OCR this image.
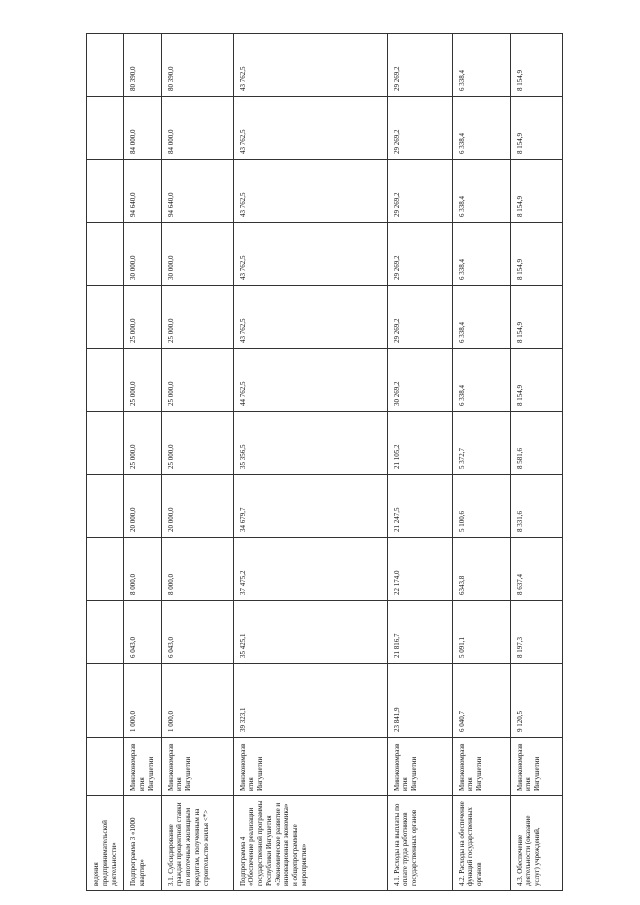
ведения предпринимательской деятельности»												
Подпрограмма 3 «1000 квартир»	Минэкономразв ития Ингушетии	1 000,0	6 043,0	8 000,0	20 000,0	25 000,0	25 000,0	25 000,0	30 000,0	94 640,0	84 000,0	80 390,0
3.1. Субсидирование граждан процентной ставки по ипотечным жилищным кредитам, полученным на строительство жилья <*>	Минэкономразв ития Ингушетии	1 000,0	6 043,0	8 000,0	20 000,0	25 000,0	25 000,0	25 000,0	30 000,0	94 640,0	84 000,0	80 390,0
Подпрограмма 4 «Обеспечение реализации государственной программы Республики Ингушетия «Экономическое развитие и инновационная экономика» и общепрограммные мероприятия»	Минэкономразв ития Ингушетии	39 323,1	35 425,1	37 475,2	34 679,7	35 356,5	44 762,5	43 762,5	43 762,5	43 762,5	43 762,5	43 762,5
4.1. Расходы на выплаты по оплате труда работников государственных органов	Минэкономразв ития Ингушетии	23 841,9	21 816,7	22 174,0	21 247,5	21 105,2	30 269,2	29 269,2	29 269,2	29 269,2	29 269,2	29 269,2
4.2. Расходы на обеспечение функций государственных органов	Минэкономразв ития Ингушетии	6 040,7	5 091,1	6343,8	5 100,6	5 372,7	6 338,4	6 338,4	6 338,4	6 338,4	6 338,4	6 338,4
4.3. Обеспечение деятельности (оказание услуг) учреждений,	Минэкономразв ития Ингушетии	9 120,5	8 197,3	8 637,4	8 331,6	8 581,6	8 154,9	8 154,9	8 154,9	8 154,9	8 154,9	8 154,9
